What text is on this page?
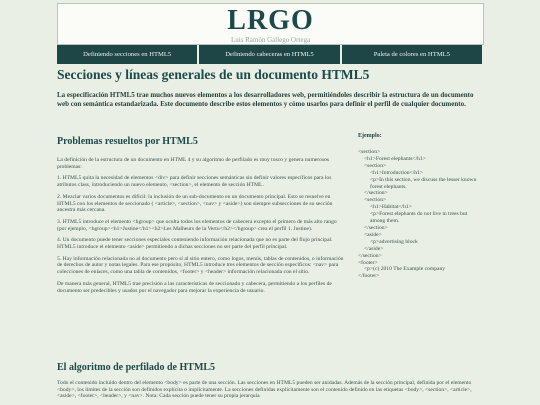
LRGO
Luis Ramón Gallego Ortega
Definiendo secciones en HTML5	Definiendo cabeceras en HTML5	Paleta de colores en HTML5
Secciones y líneas generales de un documento HTML5

La especificación HTML5 trae muchos nuevos elementos a los desarrolladores web, permitiéndoles describir la estructura de un documento web con semántica estandarizada. Este documento describe estos elementos y cómo usarlos para definir el perfil de cualquier documento.

Problemas resueltos por HTML5

La definición de la estructura de un documento en HTML 4 y su algoritmo de perfilado es muy tosco y genera numerosos problemas:

1. HTML5 quita la necesidad de elementos <div> para definir secciones semánticas sin definir valores específicos para los atributos class, introduciendo un nuevo elemento, <section>, el elemento de sección HTML.

2. Mezclar varios documentos es difícil: la inclusión de un sub-documento en un documento principal. Esto se resuelve en HTML5 con los elementos de seccionado ( <article>, <section>, <nav> y <aside>) son siempre subsecciones de su sección ancestra más cercana.

3. HTML5 introduce el elemento <hgroup> que oculta todos los elementos de cabecera excepto el primero de más alto rango (por ejemplo, <hgroup><h1>Justine</h1><h2>Les Malheurs de la Vertu</h2></hgroup> crea el perfil 1. Justine).

4. Un documento puede tener secciones especiales conteniendo información relacionada que no es parte del flujo principal. HTML5 introduce el elemento <aside> permitiendo a dichas secciones no ser parte del perfil principal.

5. Hay información relacionada no al documento pero sí al sitio entero, como logos, menús, tablas de contenidos, o información de derechos de autor y notas legales. Para ese propósito, HTML5 introduce tres elementos de sección específicos: <nav> para colecciones de enlaces, como una tabla de contenidos, <footer> y <header> información relacionada con el sitio.

De manera más general, HTML5 trae precisión a las características de seccionado y cabecera, permitiendo a los perfiles de documento ser predecibles y usados por el navegador para mejorar la experiencia de usuario.

Ejemplo:
<section>
<h1>Forest elephants</h1>
<section>
<h1>Introduction</h1>
<p>In this section, we discuss the lesser known forest elephants.
</section>
<section>
<h1>Habitat</h1>
<p>Forest elephants do not live in trees but among them.
</section>
<aside>
<p>advertising block
</aside>
</section>
<footer>
<p>(c) 2010 The Example company
</footer>
El algoritmo de perfilado de HTML5

Todo el contenido incluido dentro del elemento <body> es parte de una sección. Las secciones en HTML5 pueden ser anidadas. Además de la sección principal, definida por el elemento <body>, los límites de la sección son definidos explícita o implícitamente. La secciones definidas explícitamente son el contenido definido en las etiquetas <body>, <section>, <article>, <aside>, <footer>, <header>, y <nav>. Nota: Cada sección puede tener su propia jerarquía
